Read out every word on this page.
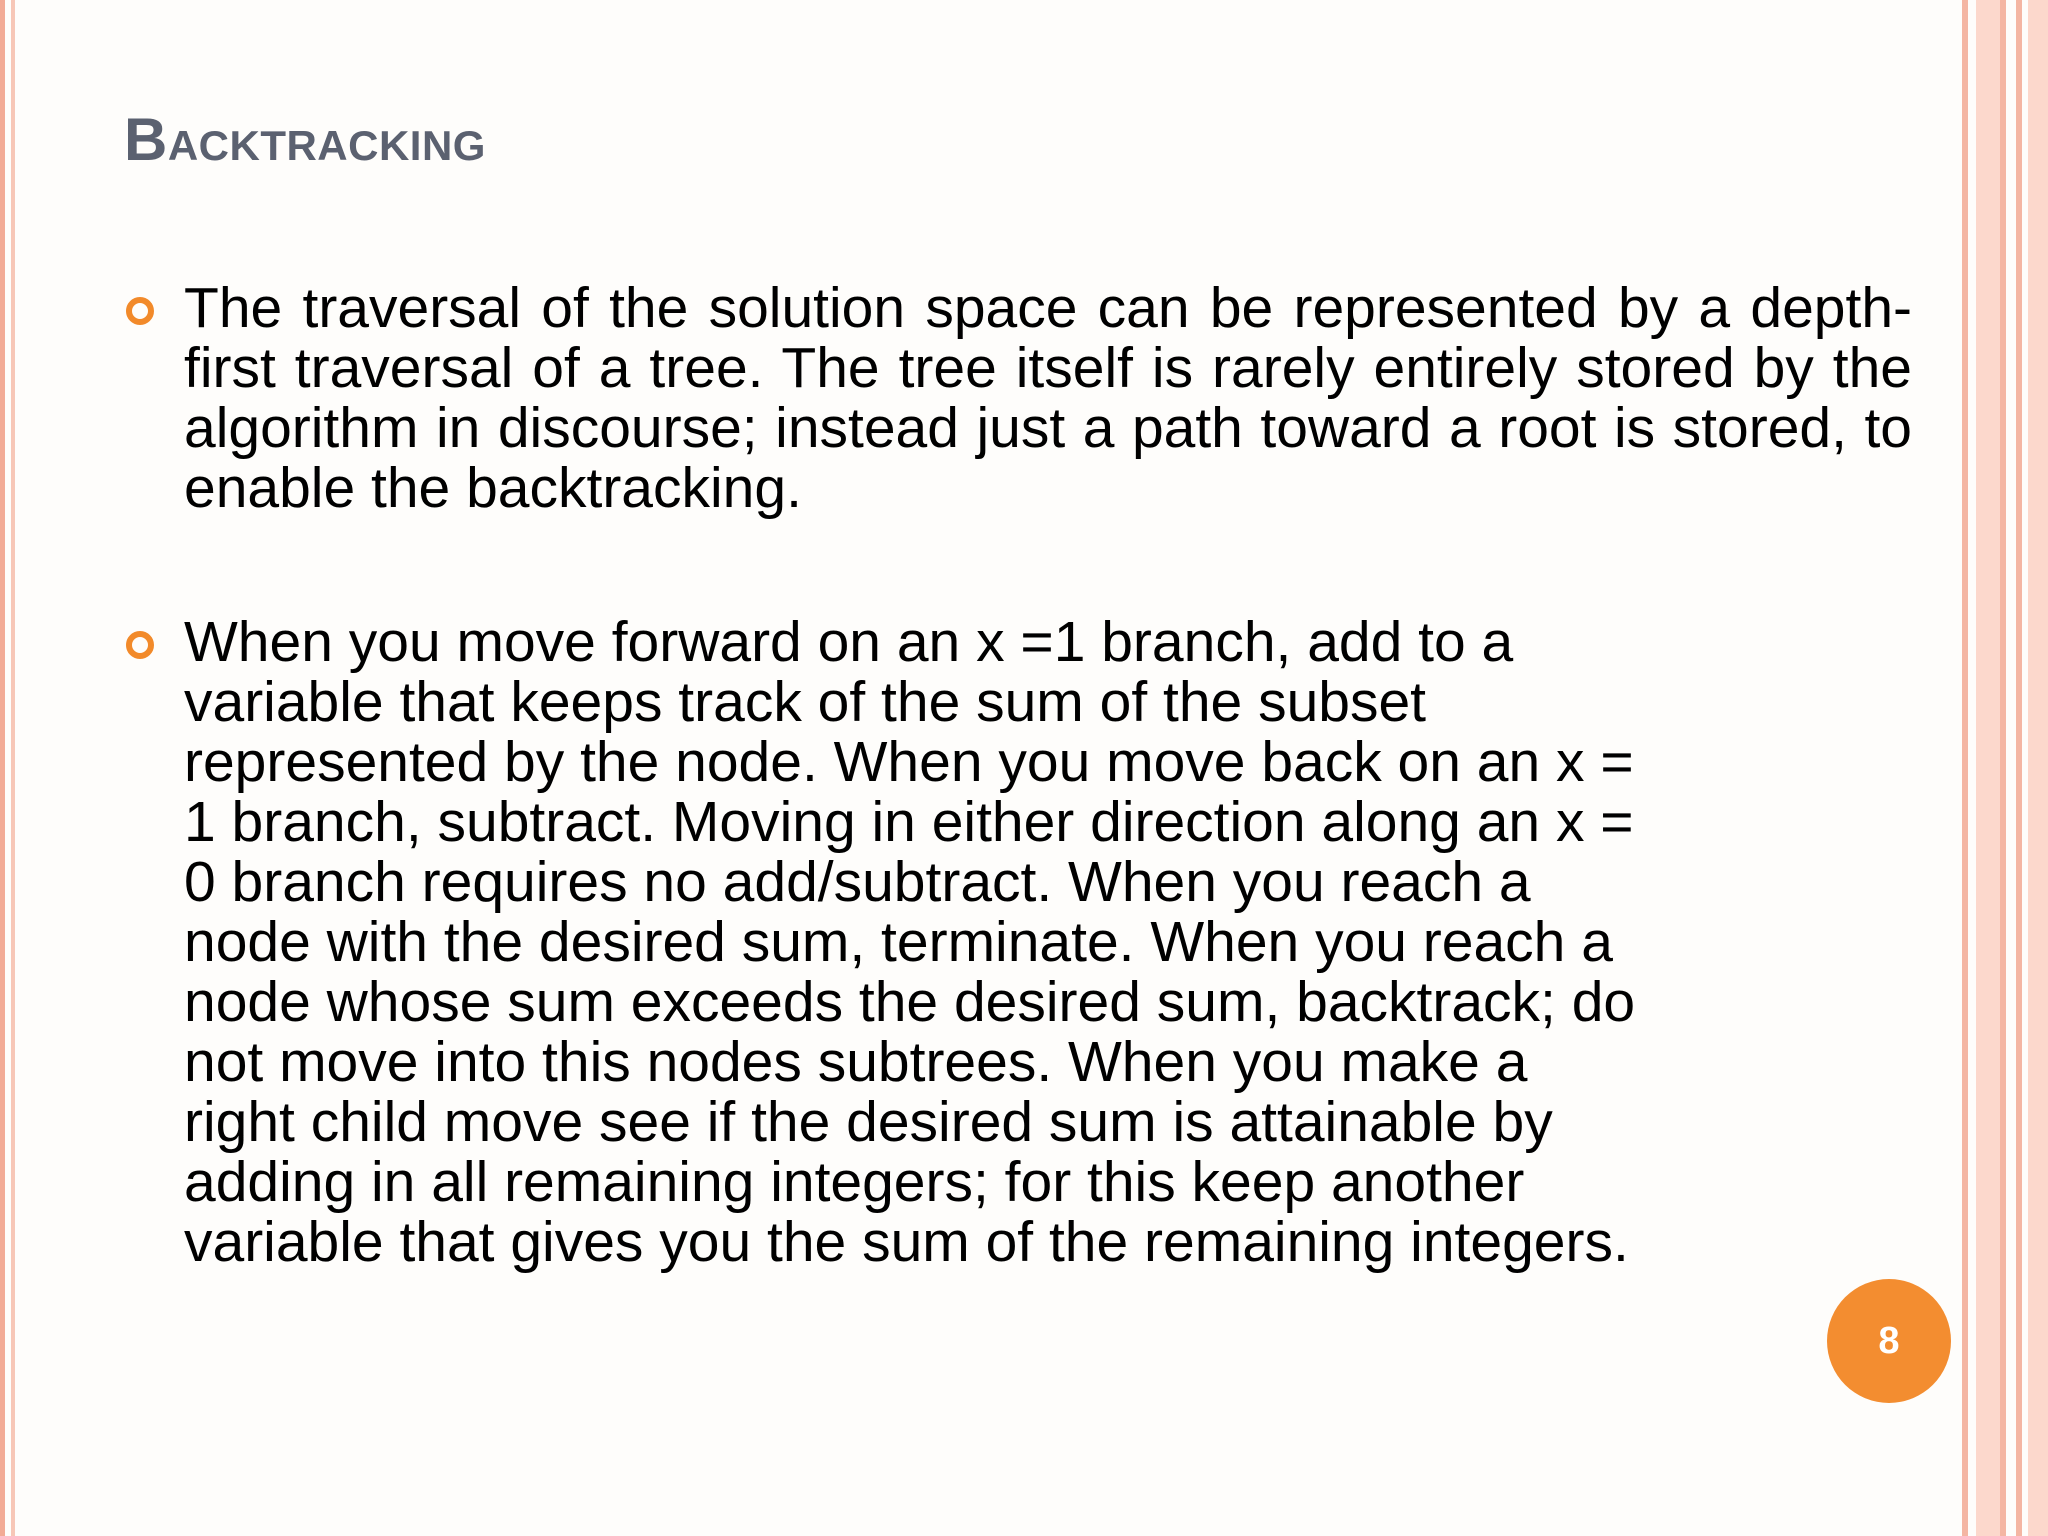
Backtracking

The traversal of the solution space can be represented by a depth-first traversal of a tree. The tree itself is rarely entirely stored by the algorithm in discourse; instead just a path toward a root is stored, to enable the backtracking.

When you move forward on an x =1 branch, add to a
variable that keeps track of the sum of the subset
represented by the node. When you move back on an x =
1 branch, subtract. Moving in either direction along an x =
0 branch requires no add/subtract. When you reach a
node with the desired sum, terminate. When you reach a
node whose sum exceeds the desired sum, backtrack; do
not move into this nodes subtrees. When you make a
right child move see if the desired sum is attainable by
adding in all remaining integers; for this keep another
variable that gives you the sum of the remaining integers.

8
